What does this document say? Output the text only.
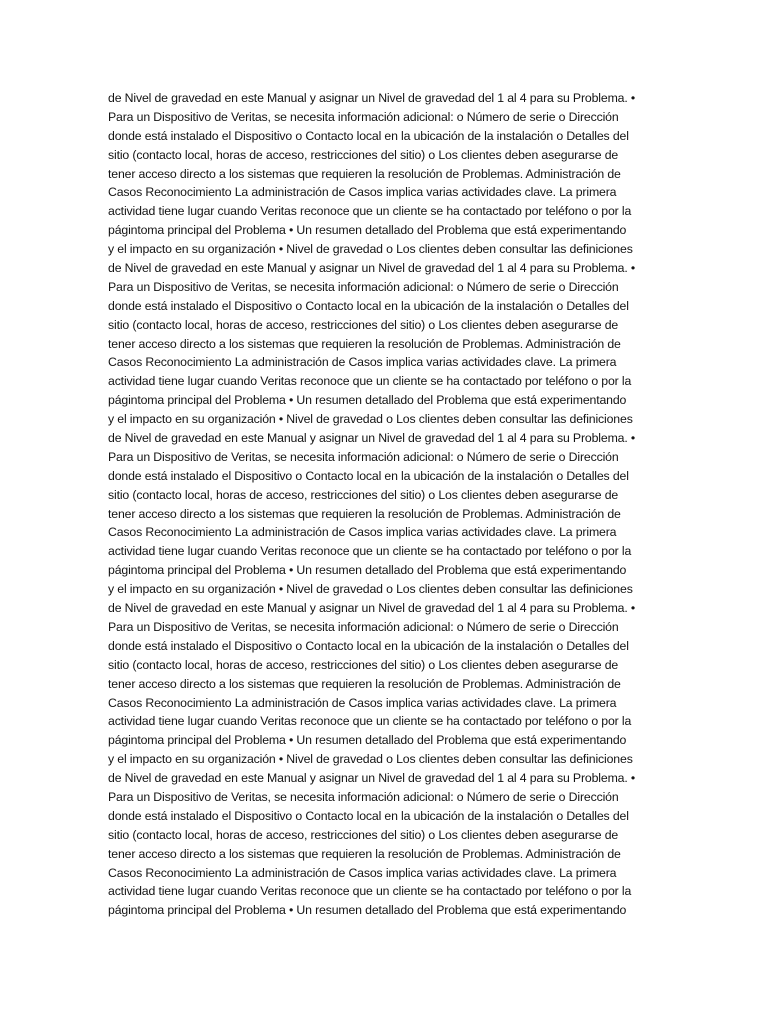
de Nivel de gravedad en este Manual y asignar un Nivel de gravedad del 1 al 4 para su Problema. •
Para un Dispositivo de Veritas, se necesita información adicional: o Número de serie o Dirección
donde está instalado el Dispositivo o Contacto local en la ubicación de la instalación o Detalles del
sitio (contacto local, horas de acceso, restricciones del sitio) o Los clientes deben asegurarse de
tener acceso directo a los sistemas que requieren la resolución de Problemas. Administración de
Casos Reconocimiento La administración de Casos implica varias actividades clave. La primera
actividad tiene lugar cuando Veritas reconoce que un cliente se ha contactado por teléfono o por la
págintoma principal del Problema • Un resumen detallado del Problema que está experimentando
y el impacto en su organización • Nivel de gravedad o Los clientes deben consultar las definiciones
de Nivel de gravedad en este Manual y asignar un Nivel de gravedad del 1 al 4 para su Problema. •
Para un Dispositivo de Veritas, se necesita información adicional: o Número de serie o Dirección
donde está instalado el Dispositivo o Contacto local en la ubicación de la instalación o Detalles del
sitio (contacto local, horas de acceso, restricciones del sitio) o Los clientes deben asegurarse de
tener acceso directo a los sistemas que requieren la resolución de Problemas. Administración de
Casos Reconocimiento La administración de Casos implica varias actividades clave. La primera
actividad tiene lugar cuando Veritas reconoce que un cliente se ha contactado por teléfono o por la
págintoma principal del Problema • Un resumen detallado del Problema que está experimentando
y el impacto en su organización • Nivel de gravedad o Los clientes deben consultar las definiciones
de Nivel de gravedad en este Manual y asignar un Nivel de gravedad del 1 al 4 para su Problema. •
Para un Dispositivo de Veritas, se necesita información adicional: o Número de serie o Dirección
donde está instalado el Dispositivo o Contacto local en la ubicación de la instalación o Detalles del
sitio (contacto local, horas de acceso, restricciones del sitio) o Los clientes deben asegurarse de
tener acceso directo a los sistemas que requieren la resolución de Problemas. Administración de
Casos Reconocimiento La administración de Casos implica varias actividades clave. La primera
actividad tiene lugar cuando Veritas reconoce que un cliente se ha contactado por teléfono o por la
págintoma principal del Problema • Un resumen detallado del Problema que está experimentando
y el impacto en su organización • Nivel de gravedad o Los clientes deben consultar las definiciones
de Nivel de gravedad en este Manual y asignar un Nivel de gravedad del 1 al 4 para su Problema. •
Para un Dispositivo de Veritas, se necesita información adicional: o Número de serie o Dirección
donde está instalado el Dispositivo o Contacto local en la ubicación de la instalación o Detalles del
sitio (contacto local, horas de acceso, restricciones del sitio) o Los clientes deben asegurarse de
tener acceso directo a los sistemas que requieren la resolución de Problemas. Administración de
Casos Reconocimiento La administración de Casos implica varias actividades clave. La primera
actividad tiene lugar cuando Veritas reconoce que un cliente se ha contactado por teléfono o por la
págintoma principal del Problema • Un resumen detallado del Problema que está experimentando
y el impacto en su organización • Nivel de gravedad o Los clientes deben consultar las definiciones
de Nivel de gravedad en este Manual y asignar un Nivel de gravedad del 1 al 4 para su Problema. •
Para un Dispositivo de Veritas, se necesita información adicional: o Número de serie o Dirección
donde está instalado el Dispositivo o Contacto local en la ubicación de la instalación o Detalles del
sitio (contacto local, horas de acceso, restricciones del sitio) o Los clientes deben asegurarse de
tener acceso directo a los sistemas que requieren la resolución de Problemas. Administración de
Casos Reconocimiento La administración de Casos implica varias actividades clave. La primera
actividad tiene lugar cuando Veritas reconoce que un cliente se ha contactado por teléfono o por la
págintoma principal del Problema • Un resumen detallado del Problema que está experimentando
